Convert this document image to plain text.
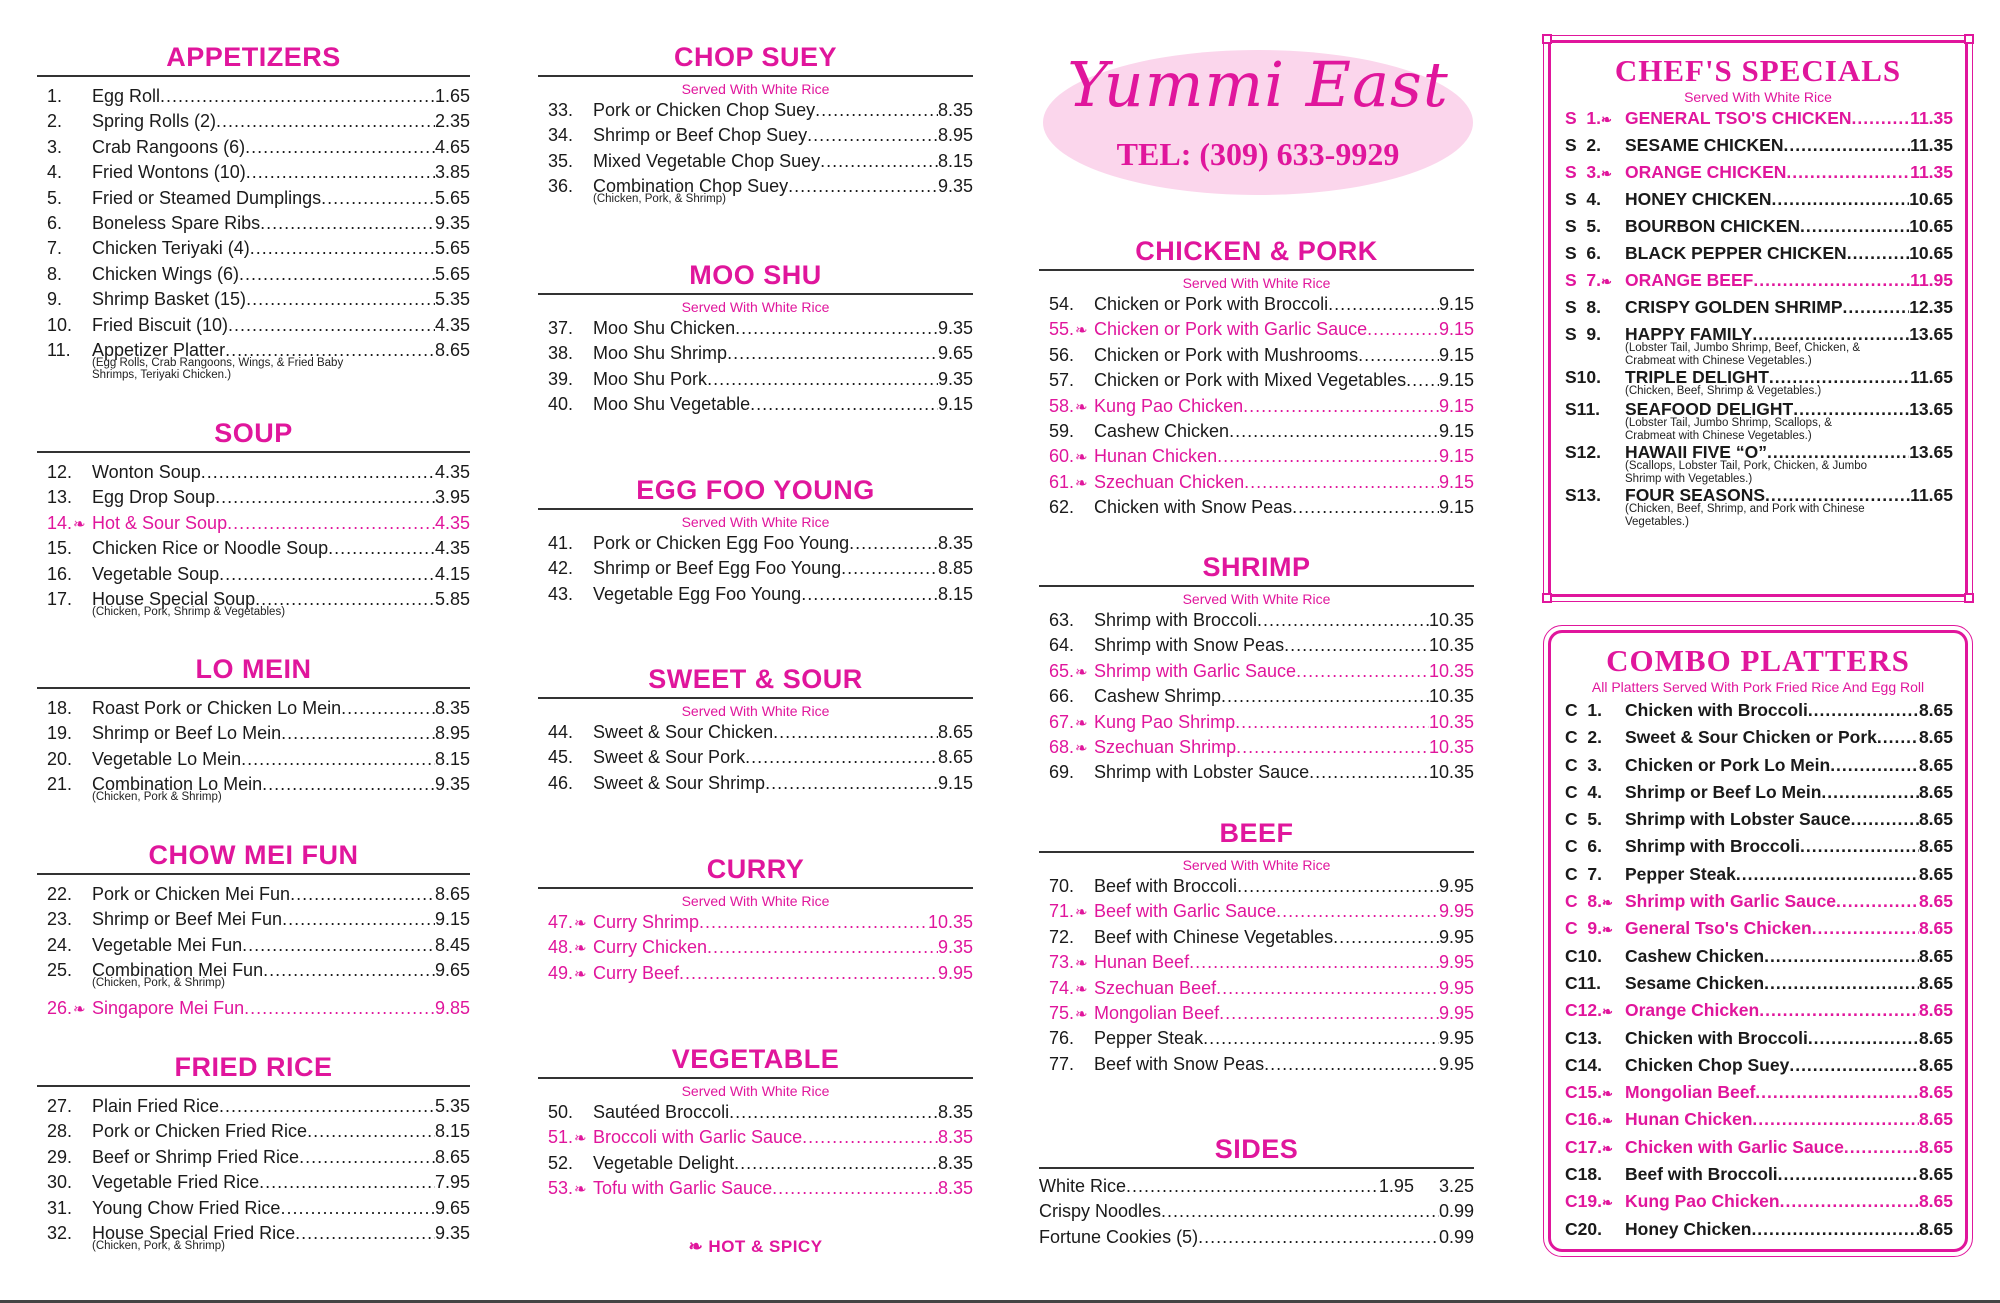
APPETIZERS
1.	Egg Roll .....	1.65
2.	Spring Rolls (2) .....	2.35
3.	Crab Rangoons (6) .....	4.65
4.	Fried Wontons (10) .....	3.85
5.	Fried or Steamed Dumplings .....	5.65
6.	Boneless Spare Ribs .....	9.35
7.	Chicken Teriyaki (4) .....	5.65
8.	Chicken Wings (6) .....	5.65
9.	Shrimp Basket (15) .....	5.35
10.	Fried Biscuit (10) .....	4.35
11.	Appetizer Platter .....	8.65
(Egg Rolls, Crab Rangoons, Wings, & Fried Baby
Shrimps, Teriyaki Chicken.)
SOUP
12.	Wonton Soup .....	4.35
13.	Egg Drop Soup .....	3.95
14. ❧ Hot & Sour Soup .....	4.35
15.	Chicken Rice or Noodle Soup .....	4.35
16.	Vegetable Soup .....	4.15
17.	House Special Soup .....	5.85
(Chicken, Pork, Shrimp & Vegetables)
LO MEIN
18.	Roast Pork or Chicken Lo Mein .....	8.35
19.	Shrimp or Beef Lo Mein .....	8.95
20.	Vegetable Lo Mein .....	8.15
21.	Combination Lo Mein .....	9.35
(Chicken, Pork & Shrimp)
CHOW MEI FUN
22.	Pork or Chicken Mei Fun .....	8.65
23.	Shrimp or Beef Mei Fun .....	9.15
24.	Vegetable Mei Fun .....	8.45
25.	Combination Mei Fun .....	9.65
(Chicken, Pork, & Shrimp)
26. ❧ Singapore Mei Fun .....	9.85
FRIED RICE
27.	Plain Fried Rice .....	5.35
28.	Pork or Chicken Fried Rice .....	8.15
29.	Beef or Shrimp Fried Rice .....	8.65
30.	Vegetable Fried Rice .....	7.95
31.	Young Chow Fried Rice .....	9.65
32.	House Special Fried Rice .....	9.35
(Chicken, Pork, & Shrimp)
CHOP SUEY
Served With White Rice
33.	Pork or Chicken Chop Suey .....	8.35
34.	Shrimp or Beef Chop Suey .....	8.95
35.	Mixed Vegetable Chop Suey .....	8.15
36.	Combination Chop Suey .....	9.35
(Chicken, Pork, & Shrimp)
MOO SHU
Served With White Rice
37.	Moo Shu Chicken .....	9.35
38.	Moo Shu Shrimp .....	9.65
39.	Moo Shu Pork .....	9.35
40.	Moo Shu Vegetable .....	9.15
EGG FOO YOUNG
Served With White Rice
41.	Pork or Chicken Egg Foo Young .....	8.35
42.	Shrimp or Beef Egg Foo Young .....	8.85
43.	Vegetable Egg Foo Young .....	8.15
SWEET & SOUR
Served With White Rice
44.	Sweet & Sour Chicken .....	8.65
45.	Sweet & Sour Pork .....	8.65
46.	Sweet & Sour Shrimp .....	9.15
CURRY
Served With White Rice
47. ❧ Curry Shrimp .....	10.35
48. ❧ Curry Chicken .....	9.35
49. ❧ Curry Beef .....	9.95
VEGETABLE
Served With White Rice
50.	Sautéed Broccoli .....	8.35
51. ❧ Broccoli with Garlic Sauce .....	8.35
52.	Vegetable Delight .....	8.35
53. ❧ Tofu with Garlic Sauce .....	8.35
❧ HOT & SPICY
Yummi East
TEL: (309) 633-9929
CHICKEN & PORK
Served With White Rice
54.	Chicken or Pork with Broccoli .....	9.15
55. ❧ Chicken or Pork with Garlic Sauce .....	9.15
56.	Chicken or Pork with Mushrooms .....	9.15
57.	Chicken or Pork with Mixed Vegetables ..... 9.15
58. ❧ Kung Pao Chicken .....	9.15
59.	Cashew Chicken .....	9.15
60. ❧ Hunan Chicken .....	9.15
61. ❧ Szechuan Chicken .....	9.15
62.	Chicken with Snow Peas .....	9.15
SHRIMP
Served With White Rice
63.	Shrimp with Broccoli .....	10.35
64.	Shrimp with Snow Peas .....	10.35
65. ❧ Shrimp with Garlic Sauce .....	10.35
66.	Cashew Shrimp .....	10.35
67. ❧ Kung Pao Shrimp .....	10.35
68. ❧ Szechuan Shrimp .....	10.35
69.	Shrimp with Lobster Sauce .....	10.35
BEEF
Served With White Rice
70.	Beef with Broccoli .....	9.95
71. ❧ Beef with Garlic Sauce .....	9.95
72.	Beef with Chinese Vegetables .....	9.95
73. ❧ Hunan Beef .....	9.95
74. ❧ Szechuan Beef .....	9.95
75. ❧ Mongolian Beef .....	9.95
76.	Pepper Steak .....	9.95
77.	Beef with Snow Peas .....	9.95
SIDES
White Rice .....	1.95     3.25
Crispy Noodles .....	0.99
Fortune Cookies (5) .....	0.99
CHEF'S SPECIALS
Served With White Rice
S  1.❧ GENERAL TSO'S CHICKEN .....	11.35
S  2.	SESAME CHICKEN .....	11.35
S  3.❧ ORANGE CHICKEN .....	11.35
S  4.	HONEY CHICKEN .....	10.65
S  5.	BOURBON CHICKEN .....	10.65
S  6.	BLACK PEPPER CHICKEN .....	10.65
S  7.❧ ORANGE BEEF .....	11.95
S  8.	CRISPY GOLDEN SHRIMP .....	12.35
S  9.	HAPPY FAMILY .....	13.65
(Lobster Tail, Jumbo Shrimp, Beef, Chicken, & Crabmeat with Chinese Vegetables.)
S10.	TRIPLE DELIGHT .....	11.65
(Chicken, Beef, Shrimp & Vegetables.)
S11.	SEAFOOD DELIGHT .....	13.65
(Lobster Tail, Jumbo Shrimp, Scallops, & Crabmeat with Chinese Vegetables.)
S12.	HAWAII FIVE “O” .....	13.65
(Scallops, Lobster Tail, Pork, Chicken, & Jumbo Shrimp with Vegetables.)
S13.	FOUR SEASONS .....	11.65
(Chicken, Beef, Shrimp, and Pork with Chinese Vegetables.)
COMBO PLATTERS
All Platters Served With Pork Fried Rice And Egg Roll
C  1.	Chicken with Broccoli .....	8.65
C  2.	Sweet & Sour Chicken or Pork ..... 8.65
C  3.	Chicken or Pork Lo Mein .....	8.65
C  4.	Shrimp or Beef Lo Mein .....	8.65
C  5.	Shrimp with Lobster Sauce .....	8.65
C  6.	Shrimp with Broccoli .....	8.65
C  7.	Pepper Steak .....	8.65
C  8.❧ Shrimp with Garlic Sauce .....	8.65
C  9.❧ General Tso's Chicken .....	8.65
C10.	Cashew Chicken .....	8.65
C11.	Sesame Chicken .....	8.65
C12.❧ Orange Chicken .....	8.65
C13.	Chicken with Broccoli .....	8.65
C14.	Chicken Chop Suey .....	8.65
C15.❧ Mongolian Beef .....	8.65
C16.❧ Hunan Chicken .....	8.65
C17.❧ Chicken with Garlic Sauce .....	8.65
C18.	Beef with Broccoli .....	8.65
C19.❧ Kung Pao Chicken .....	8.65
C20.	Honey Chicken .....	8.65
